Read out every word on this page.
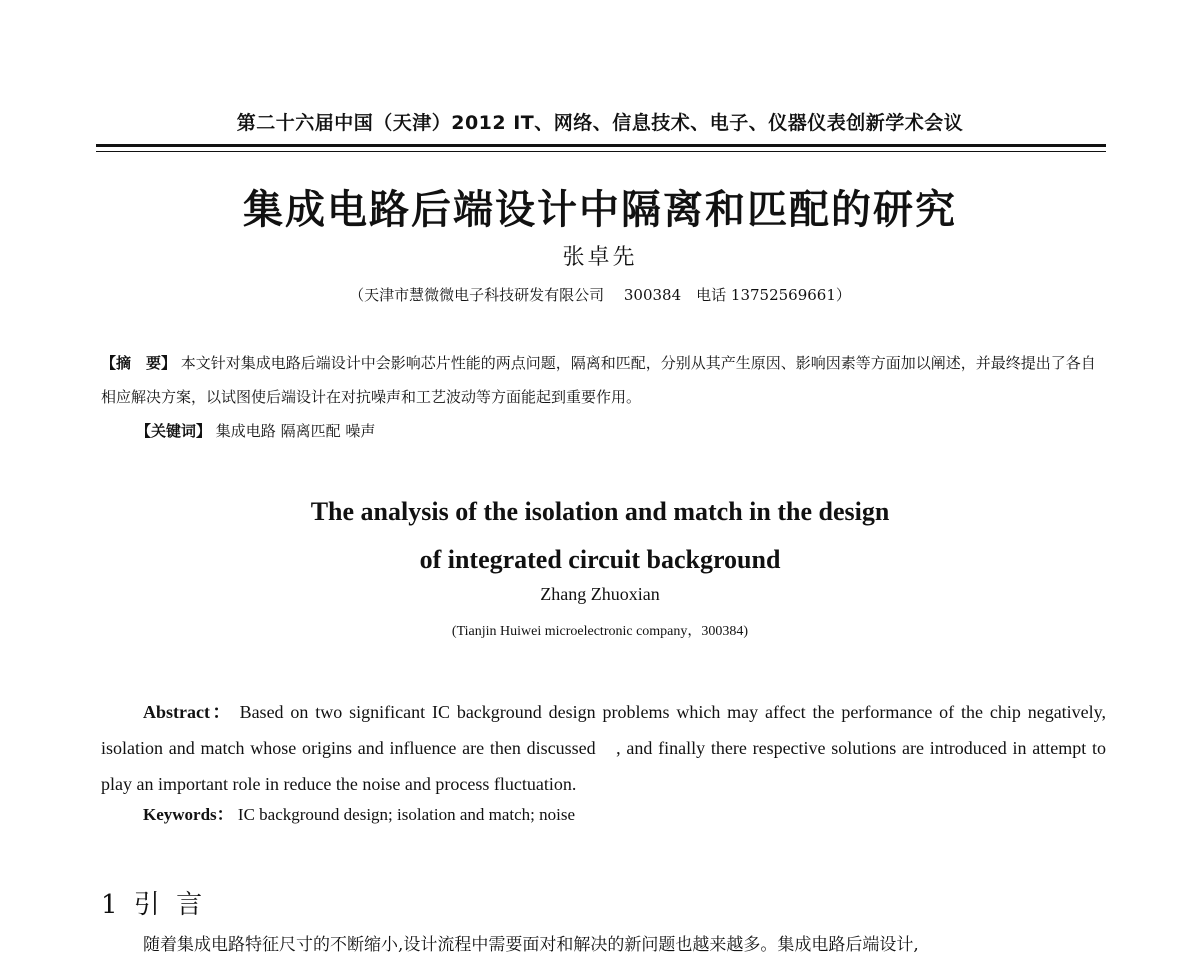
第二十六届中国（天津）2012 IT、网络、信息技术、电子、仪器仪表创新学术会议
集成电路后端设计中隔离和匹配的研究
张卓先
（天津市慧微微电子科技研发有限公司　 300384　电话 13752569661）
【摘　要】 本文针对集成电路后端设计中会影响芯片性能的两点问题，隔离和匹配，分别从其产生原因、影响因素等方面加以阐述，并最终提出了各自相应解决方案，以试图使后端设计在对抗噪声和工艺波动等方面能起到重要作用。
【关键词】 集成电路 隔离匹配 噪声
The analysis of the isolation and match in the design
of integrated circuit background
Zhang Zhuoxian
(Tianjin Huiwei microelectronic company，300384)
Abstract： Based on two significant IC background design problems which may affect the performance of the chip negatively, isolation and match whose origins and influence are then discussed　, and finally there respective solutions are introduced in attempt to play an important role in reduce the noise and process fluctuation.
Keywords： IC background design; isolation and match; noise
1 引 言
随着集成电路特征尺寸的不断缩小,设计流程中需要面对和解决的新问题也越来越多。集成电路后端设计,
